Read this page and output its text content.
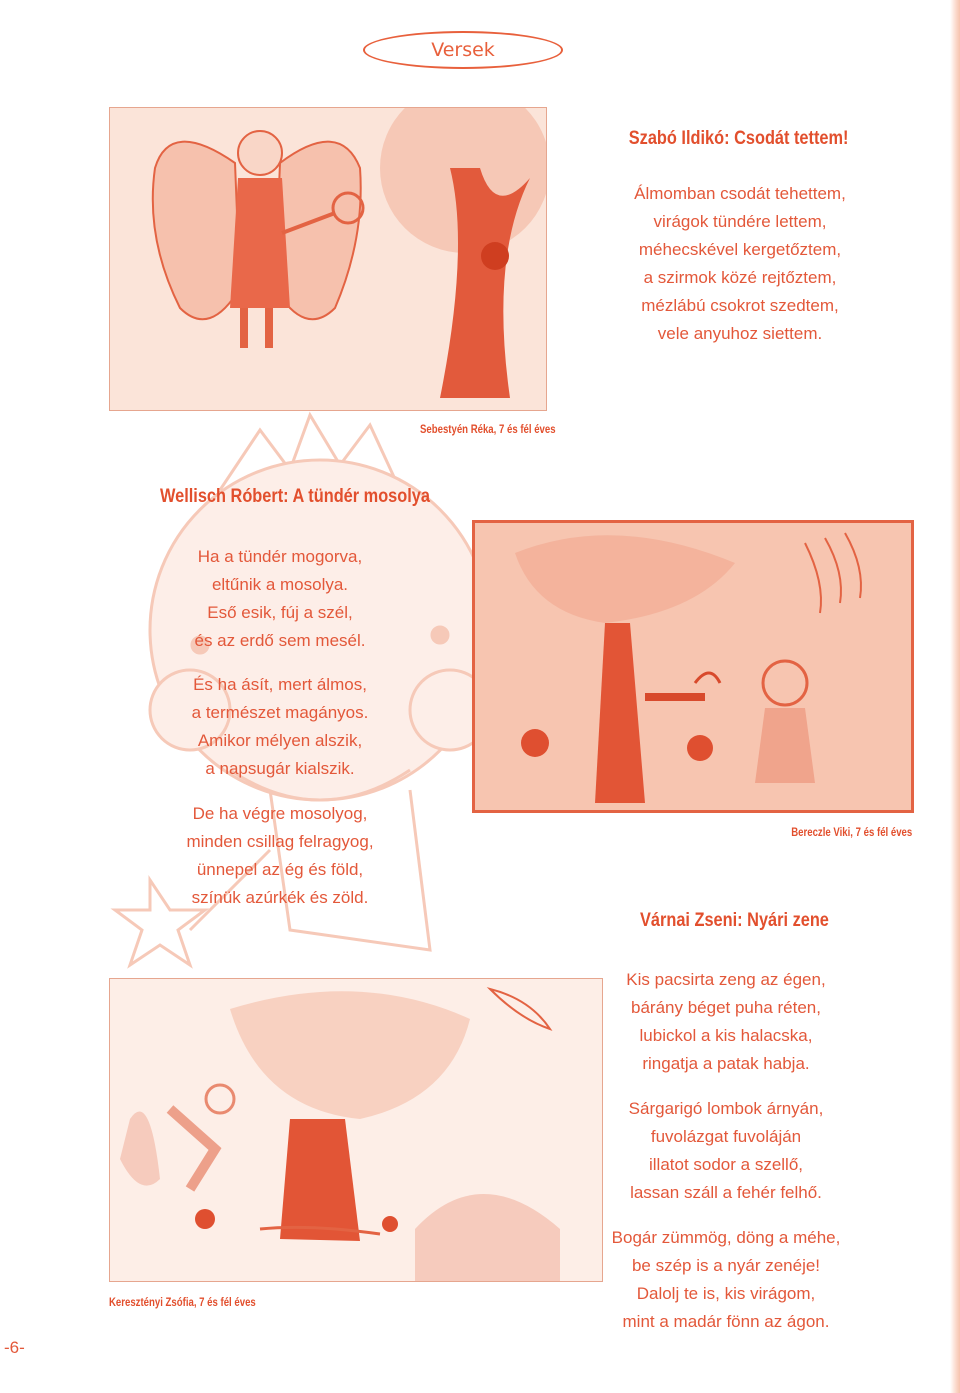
Versek
Sebestyén Réka, 7 és fél éves
Szabó Ildikó: Csodát tettem!
Álmomban csodát tehettem,
virágok tündére lettem,
méhecskével kergetőztem,
a szirmok közé rejtőztem,
mézlábú csokrot szedtem,
vele anyuhoz siettem.
Wellisch Róbert: A tündér mosolya
Ha a tündér mogorva,
eltűnik a mosolya.
Eső esik, fúj a szél,
és az erdő sem mesél.
És ha ásít, mert álmos,
a természet magányos.
Amikor mélyen alszik,
a napsugár kialszik.
De ha végre mosolyog,
minden csillag felragyog,
ünnepel az ég és föld,
színük azúrkék és zöld.
Bereczle Viki, 7 és fél éves
Várnai Zseni: Nyári zene
Kis pacsirta zeng az égen,
bárány béget puha réten,
lubickol a kis halacska,
ringatja a patak habja.
Sárgarigó lombok árnyán,
fuvolázgat fuvoláján
illatot sodor a szellő,
lassan száll a fehér felhő.
Bogár zümmög, döng a méhe,
be szép is a nyár zenéje!
Dalolj te is, kis virágom,
mint a madár fönn az ágon.
Keresztényi Zsófia, 7 és fél éves
-6-
